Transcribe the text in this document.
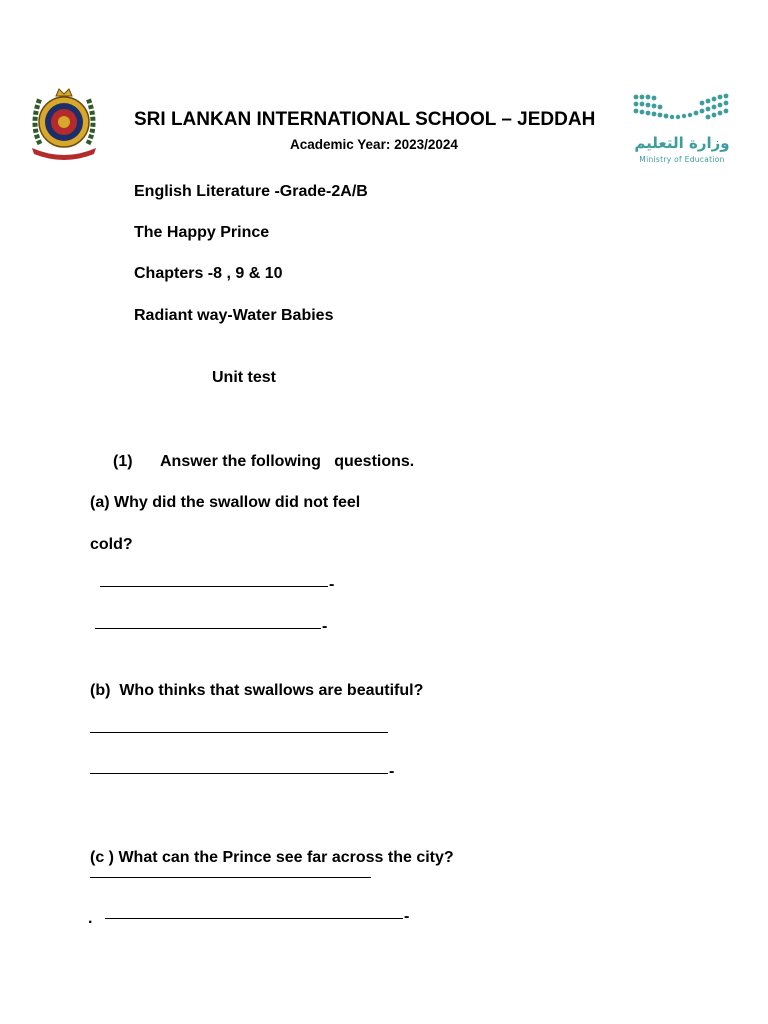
SRI LANKAN INTERNATIONAL SCHOOL – JEDDAH
Academic Year: 2023/2024	وزارة التعليم
Ministry of Education
English Literature -Grade-2A/B
The Happy Prince
Chapters -8 , 9 & 10
Radiant way-Water Babies
Unit test
(1) Answer the following   questions.
(a) Why did the swallow did not feel
cold?
-
-
(b)  Who thinks that swallows are beautiful?
-
(c ) What can the Prince see far across the city?
.	-
